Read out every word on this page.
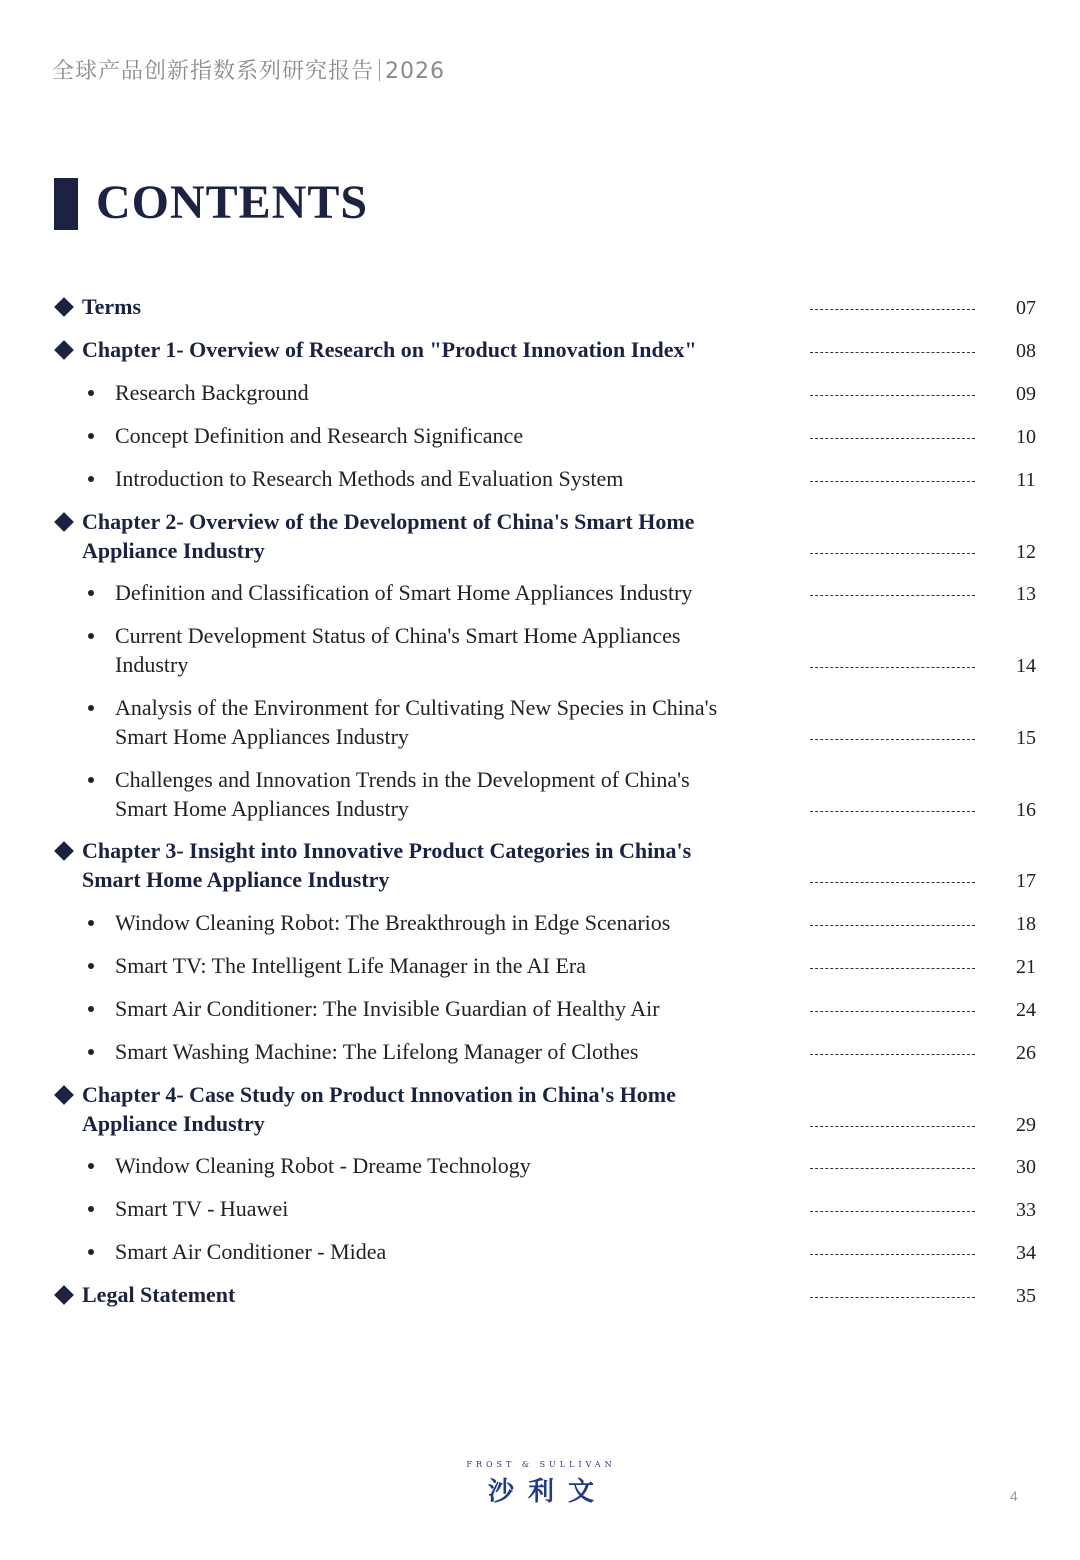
全球产品创新指数系列研究报告 2026
CONTENTS
Terms	07
Chapter 1- Overview of Research on "Product Innovation Index"	08
Research Background	09
Concept Definition and Research Significance	10
Introduction to Research Methods and Evaluation System	11
Chapter 2- Overview of the Development of China's Smart Home
Appliance Industry	12
Definition and Classification of Smart Home Appliances Industry	13
Current Development Status of China's Smart Home Appliances
Industry	14
Analysis of the Environment for Cultivating New Species in China's
Smart Home Appliances Industry	15
Challenges and Innovation Trends in the Development of China's
Smart Home Appliances Industry	16
Chapter 3- Insight into Innovative Product Categories in China's
Smart Home Appliance Industry	17
Window Cleaning Robot: The Breakthrough in Edge Scenarios	18
Smart TV: The Intelligent Life Manager in the AI Era	21
Smart Air Conditioner: The Invisible Guardian of Healthy Air	24
Smart Washing Machine: The Lifelong Manager of Clothes	26
Chapter 4- Case Study on Product Innovation in China's Home
Appliance Industry	29
Window Cleaning Robot - Dreame Technology	30
Smart TV - Huawei	33
Smart Air Conditioner - Midea	34
Legal Statement	35
FROST & SULLIVAN
沙利文	4
